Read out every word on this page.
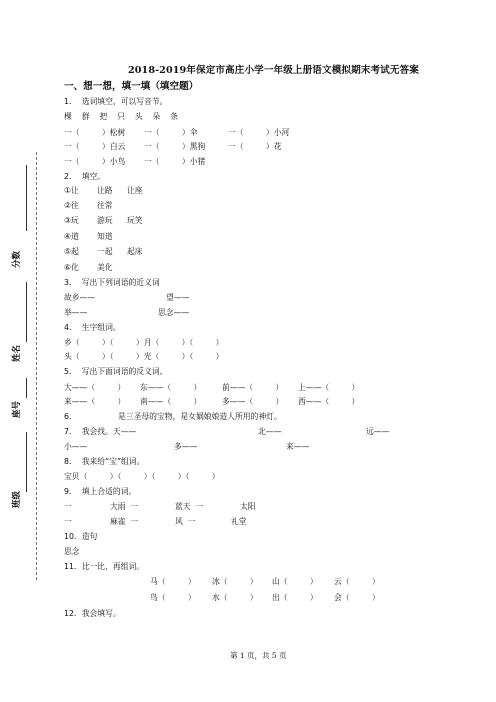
分数
姓名
座号
班级
2018-2019年保定市高庄小学一年级上册语文模拟期末考试无答案
一、想一想，填一填（填空题）
1．  选词填空，可以写音节。
棵    群    把    只    头    朵    条
一（         ）松树 一（         ）伞	一（         ）小河
一（         ）白云 一（         ）黑狗	一（         ）花
一（         ）小鸟 一（         ）小猪
2．  填空。
①让 让路 让座
②往 往常
③玩 游玩 玩笑
④道 知道
⑤起 一起 起床
⑥化 美化
3．  写出下列词语的近义词
故乡——	望——
举——	思念——
4．  生字组词。
乡（         ）（         ）月（         ）（         ）
头（         ）（         ）光（         ）（         ）
5．  写出下面词语的反义词。
大——（         ） 东——（         ）	前——（         ） 上——（         ）
来——（         ） 南——（         ）	多——（         ） 西——（         ）
6．	是三圣母的宝物，是女娲娘娘造人所用的神灯。
7．  我会找。天——	北——	远——
小——	多——	来——
8．  我来给“宝”组词。
宝贝（         ）（         ）（         ）（         ）
9．  填上合适的词。
一	大雨  一	蓝天  一	太阳
一	麻雀  一	风  一	礼堂
10．造句
思念
11．比一比，再组词。
马（         ） 冰（         ） 山（         ） 云（         ）
鸟（         ） 水（         ） 出（         ） 会（         ）
12．我会填写。
第 1 页，共 5 页
